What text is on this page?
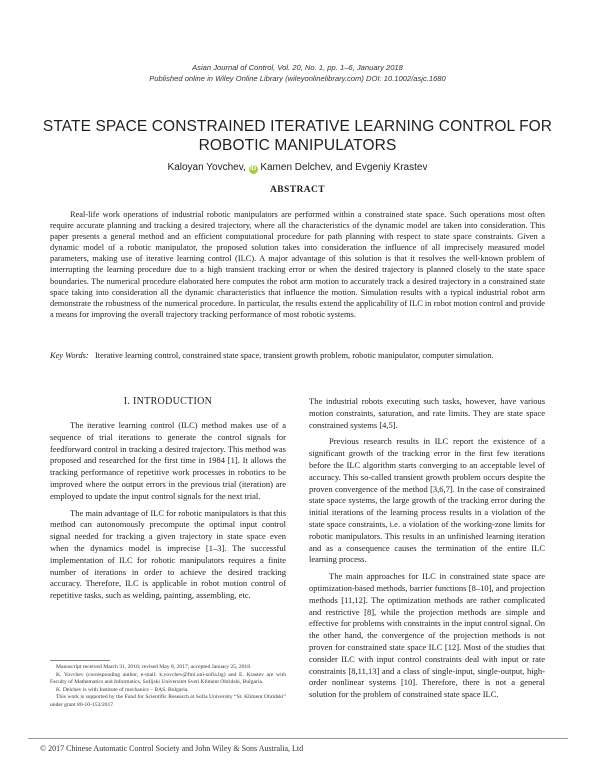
Asian Journal of Control, Vol. 20, No. 1, pp. 1–6, January 2018
Published online in Wiley Online Library (wileyonlinelibrary.com) DOI: 10.1002/asjc.1680
STATE SPACE CONSTRAINED ITERATIVE LEARNING CONTROL FOR ROBOTIC MANIPULATORS
Kaloyan Yovchev, iD Kamen Delchev, and Evgeniy Krastev
ABSTRACT

Real-life work operations of industrial robotic manipulators are performed within a constrained state space. Such operations most often require accurate planning and tracking a desired trajectory, where all the characteristics of the dynamic model are taken into consideration. This paper presents a general method and an efficient computational procedure for path planning with respect to state space constraints. Given a dynamic model of a robotic manipulator, the proposed solution takes into consideration the influence of all imprecisely measured model parameters, making use of iterative learning control (ILC). A major advantage of this solution is that it resolves the well-known problem of interrupting the learning procedure due to a high transient tracking error or when the desired trajectory is planned closely to the state space boundaries. The numerical procedure elaborated here computes the robot arm motion to accurately track a desired trajectory in a constrained state space taking into consideration all the dynamic characteristics that influence the motion. Simulation results with a typical industrial robot arm demonstrate the robustness of the numerical procedure. In particular, the results extend the applicability of ILC in robot motion control and provide a means for improving the overall trajectory tracking performance of most robotic systems.

Key Words: Iterative learning control, constrained state space, transient growth problem, robotic manipulator, computer simulation.

I. INTRODUCTION

The iterative learning control (ILC) method makes use of a sequence of trial iterations to generate the control signals for feedforward control in tracking a desired trajectory. This method was proposed and researched for the first time in 1984 [1]. It allows the tracking performance of repetitive work processes in robotics to be improved where the output errors in the previous trial (iteration) are employed to update the input control signals for the next trial.

The main advantage of ILC for robotic manipulators is that this method can autonomously precompute the optimal input control signal needed for tracking a given trajectory in state space even when the dynamics model is imprecise [1–3]. The successful implementation of ILC for robotic manipulators requires a finite number of iterations in order to achieve the desired tracking accuracy. Therefore, ILC is applicable in robot motion control of repetitive tasks, such as welding, painting, assembling, etc.

The industrial robots executing such tasks, however, have various motion constraints, saturation, and rate limits. They are state space constrained systems [4,5].

Previous research results in ILC report the existence of a significant growth of the tracking error in the first few iterations before the ILC algorithm starts converging to an acceptable level of accuracy. This so-called transient growth problem occurs despite the proven convergence of the method [3,6,7]. In the case of constrained state space systems, the large growth of the tracking error during the initial iterations of the learning process results in a violation of the state space constraints, i.e. a violation of the working-zone limits for robotic manipulators. This results in an unfinished learning iteration and as a consequence causes the termination of the entire ILC learning process.

The main approaches for ILC in constrained state space are optimization-based methods, barrier functions [8–10], and projection methods [11,12]. The optimization methods are rather complicated and restrictive [8], while the projection methods are simple and effective for problems with constraints in the input control signal. On the other hand, the convergence of the projection methods is not proven for constrained state space ILC [12]. Most of the studies that consider ILC with input control constraints deal with input or rate constraints [8,11,13] and a class of single-input, single-output, high-order nonlinear systems [10]. Therefore, there is not a general solution for the problem of constrained state space ILC.

Manuscript received March 31, 2016; revised May 8, 2017; accepted January 25, 2018.

K. Yovchev (corresponding author, e-mail: k.yovchev@fmi.uni-sofia.bg) and E. Krastev are with Faculty of Mathematics and Informatics, Sofijski Universitet Sveti Kliment Ohridski, Bulgaria.

K. Delchev is with Institute of mechanics – BAS, Bulgaria.

This work is supported by the Fund for Scientific Research at Sofia University “St. Kliment Ohridski” under grant 80-10-153/2017.

© 2017 Chinese Automatic Control Society and John Wiley & Sons Australia, Ltd
